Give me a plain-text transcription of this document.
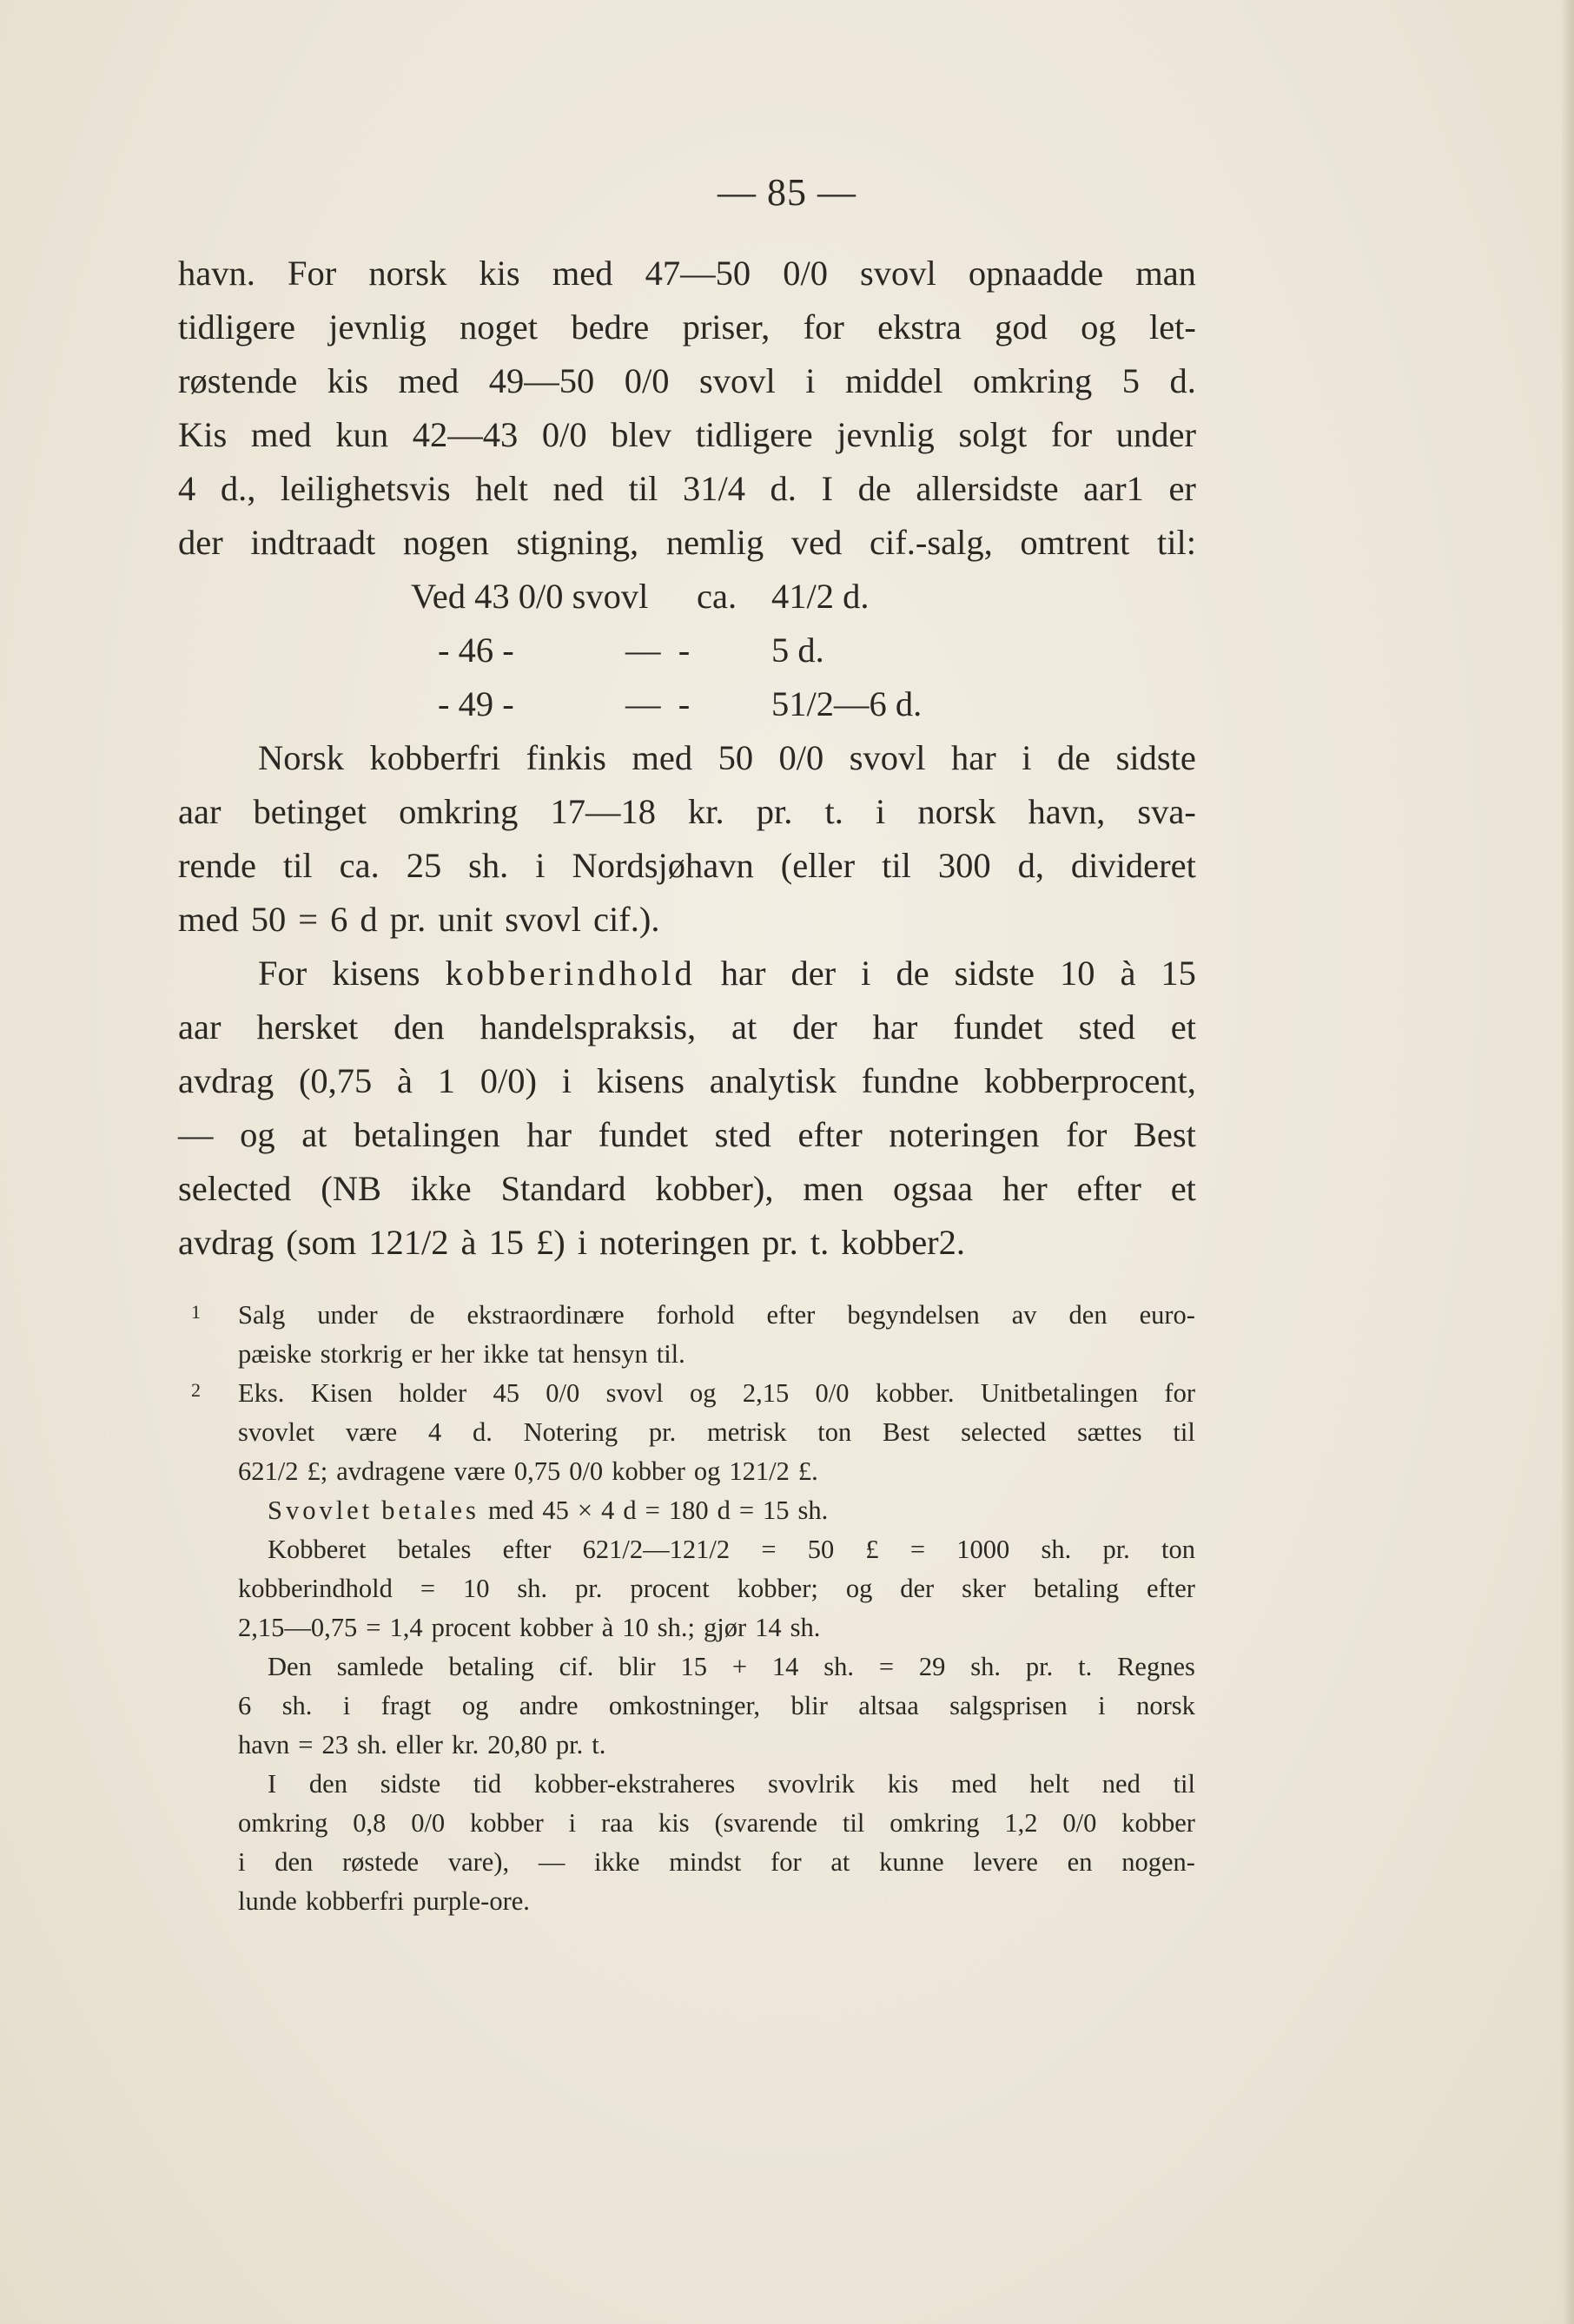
— 85 —
havn. For norsk kis med 47—50 0/0 svovl opnaadde man
tidligere jevnlig noget bedre priser, for ekstra god og let-
røstende kis med 49—50 0/0 svovl i middel omkring 5 d.
Kis med kun 42—43 0/0 blev tidligere jevnlig solgt for under
4 d., leilighetsvis helt ned til 31/4 d. I de allersidste aar1 er
der indtraadt nogen stigning, nemlig ved cif.-salg, omtrent til:
Ved 43 0/0 svovl ca. 41/2 d.
- 46 -	—  - 5 d.
- 49 -	—  - 51/2—6 d.
Norsk kobberfri finkis med 50 0/0 svovl har i de sidste
aar betinget omkring 17—18 kr. pr. t. i norsk havn, sva-
rende til ca. 25 sh. i Nordsjøhavn (eller til 300 d, divideret
med 50 = 6 d pr. unit svovl cif.).
For kisens kobberindhold har der i de sidste 10 à 15
aar hersket den handelspraksis, at der har fundet sted et
avdrag (0,75 à 1 0/0) i kisens analytisk fundne kobberprocent,
— og at betalingen har fundet sted efter noteringen for Best
selected (NB ikke Standard kobber), men ogsaa her efter et
avdrag (som 121/2 à 15 £) i noteringen pr. t. kobber2.
1 Salg under de ekstraordinære forhold efter begyndelsen av den euro-
pæiske storkrig er her ikke tat hensyn til.
2 Eks. Kisen holder 45 0/0 svovl og 2,15 0/0 kobber. Unitbetalingen for
svovlet være 4 d. Notering pr. metrisk ton Best selected sættes til
621/2 £; avdragene være 0,75 0/0 kobber og 121/2 £.
Svovlet betales med 45 × 4 d = 180 d = 15 sh.
Kobberet betales efter 621/2—121/2 = 50 £ = 1000 sh. pr. ton
kobberindhold = 10 sh. pr. procent kobber; og der sker betaling efter
2,15—0,75 = 1,4 procent kobber à 10 sh.; gjør 14 sh.
Den samlede betaling cif. blir 15 + 14 sh. = 29 sh. pr. t. Regnes
6 sh. i fragt og andre omkostninger, blir altsaa salgsprisen i norsk
havn = 23 sh. eller kr. 20,80 pr. t.
I den sidste tid kobber-ekstraheres svovlrik kis med helt ned til
omkring 0,8 0/0 kobber i raa kis (svarende til omkring 1,2 0/0 kobber
i den røstede vare), — ikke mindst for at kunne levere en nogen-
lunde kobberfri purple-ore.
